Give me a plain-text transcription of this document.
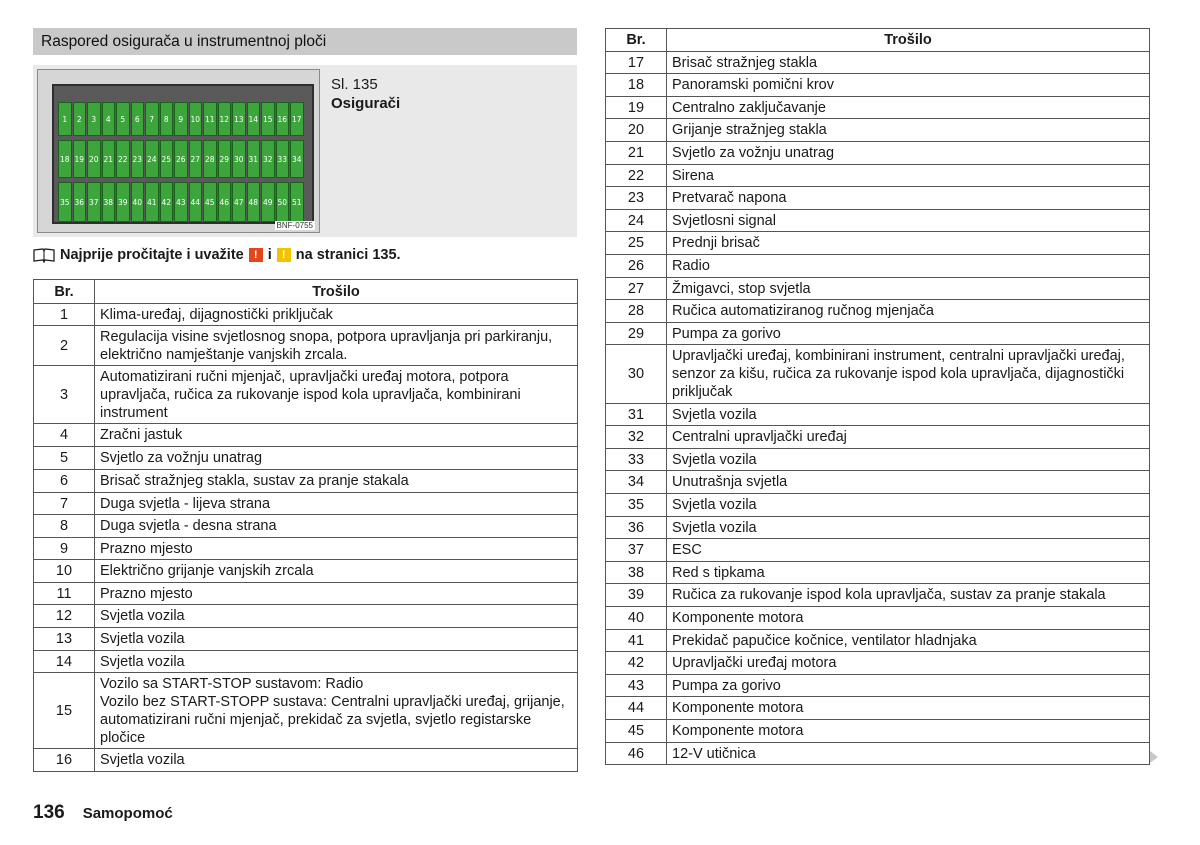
Raspored osigurača u instrumentnoj ploči
1	2	3	4	5	6	7	8	9 10 11 12 13 14 15 16 17
18 19 20 21 22 23 24 25 26 27 28 29 30 31 32 33 34
35 36 37 38 39 40 41 42 43 44 45 46 47 48 49 50 51
BNF-0755
Sl. 135
Osigurači
Najprije pročitajte i uvažite ! i ! na stranici 135.
Br.	Trošilo
1	Klima-uređaj, dijagnostički priključak
2	Regulacija visine svjetlosnog snopa, potpora upravljanja pri parkiranju, električno namještanje vanjskih zrcala.
3	Automatizirani ručni mjenjač, upravljački uređaj motora, potpora upravljača, ručica za rukovanje ispod kola upravljača, kombinirani instrument
4	Zračni jastuk
5	Svjetlo za vožnju unatrag
6	Brisač stražnjeg stakla, sustav za pranje stakala
7	Duga svjetla - lijeva strana
8	Duga svjetla - desna strana
9	Prazno mjesto
10	Električno grijanje vanjskih zrcala
11	Prazno mjesto
12	Svjetla vozila
13	Svjetla vozila
14	Svjetla vozila
15	Vozilo sa START-STOP sustavom: Radio
Vozilo bez START-STOPP sustava: Centralni upravljački uređaj, grijanje, automatizirani ručni mjenjač, prekidač za svjetla, svjetlo registarske pločice
16	Svjetla vozila
Br.	Trošilo
17	Brisač stražnjeg stakla
18	Panoramski pomični krov
19	Centralno zaključavanje
20	Grijanje stražnjeg stakla
21	Svjetlo za vožnju unatrag
22	Sirena
23	Pretvarač napona
24	Svjetlosni signal
25	Prednji brisač
26	Radio
27	Žmigavci, stop svjetla
28	Ručica automatiziranog ručnog mjenjača
29	Pumpa za gorivo
30	Upravljački uređaj, kombinirani instrument, centralni upravljački uređaj, senzor za kišu, ručica za rukovanje ispod kola upravljača, dijagnostički priključak
31	Svjetla vozila
32	Centralni upravljački uređaj
33	Svjetla vozila
34	Unutrašnja svjetla
35	Svjetla vozila
36	Svjetla vozila
37	ESC
38	Red s tipkama
39	Ručica za rukovanje ispod kola upravljača, sustav za pranje stakala
40	Komponente motora
41	Prekidač papučice kočnice, ventilator hladnjaka
42	Upravljački uređaj motora
43	Pumpa za gorivo
44	Komponente motora
45	Komponente motora
46	12-V utičnica
136 Samopomoć
